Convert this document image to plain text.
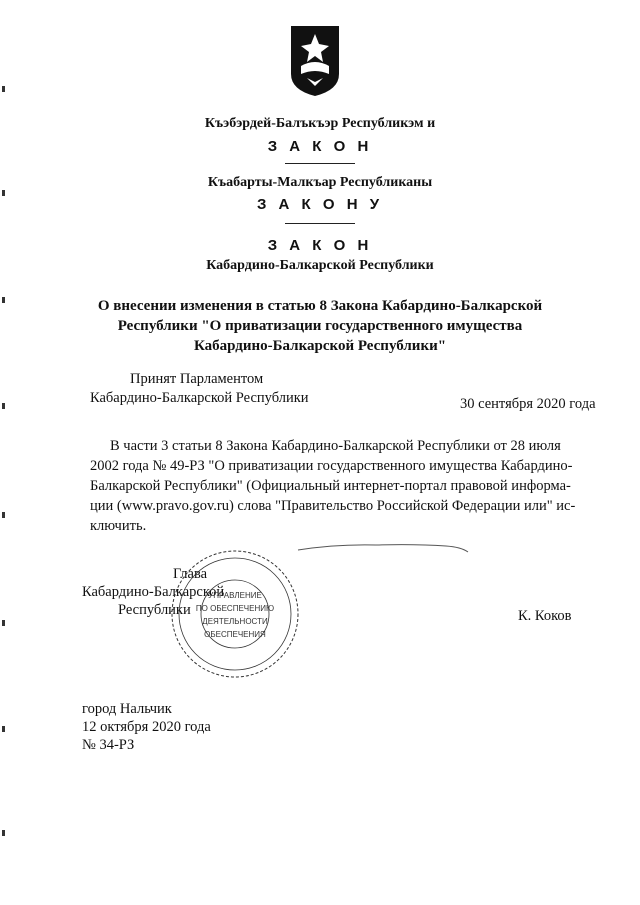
Къэбэрдей-Балъкъэр Республикэм и
З А К О Н
Къабарты-Малкъар Республиканы
З А К О Н У
З А К О Н
Кабардино-Балкарской Республики
О внесении изменения в статью 8 Закона Кабардино-Балкарской
Республики "О приватизации государственного имущества
Кабардино-Балкарской Республики"
Принят Парламентом
Кабардино-Балкарской Республики	30 сентября 2020 года
В части 3 статьи 8 Закона Кабардино-Балкарской Республики от 28 июля
2002 года № 49-РЗ "О приватизации государственного имущества Кабардино-
Балкарской Республики" (Официальный интернет-портал правовой информа-
ции (www.pravo.gov.ru) слова "Правительство Российской Федерации или" ис-
ключить.
Глава
Кабардино-Балкарской
Республики	К. Коков
УПРАВЛЕНИЕ
ПО ОБЕСПЕЧЕНИЮ
ДЕЯТЕЛЬНОСТИ
ОБЕСПЕЧЕНИЯ
город Нальчик
12 октября 2020 года
№ 34-РЗ
